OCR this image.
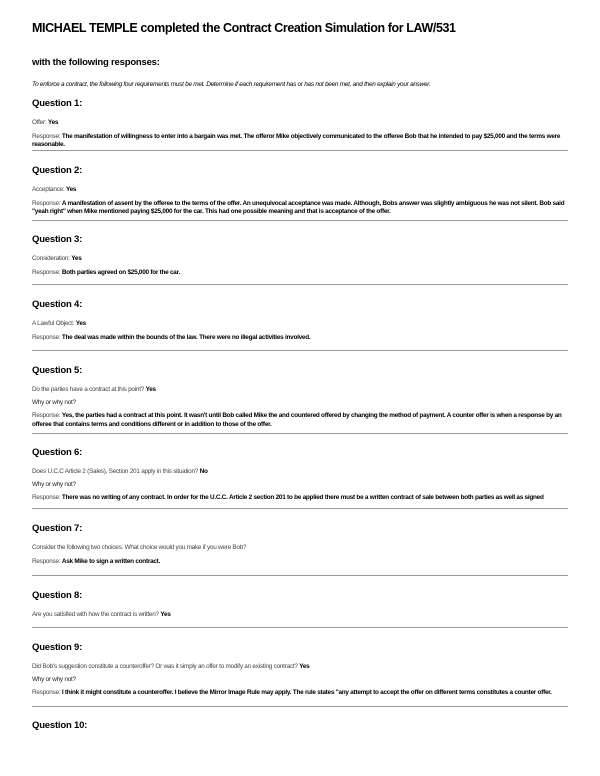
MICHAEL TEMPLE completed the Contract Creation Simulation for LAW/531
with the following responses:
To enforce a contract, the following four requirements must be met. Determine if each requirement has or has not been met, and then explain your answer.
Question 1:
Offer: Yes
Response: The manifestation of willingness to enter into a bargain was met. The offeror Mike objectively communicated to the offeree Bob that he intended to pay $25,000 and the terms were reasonable.
Question 2:
Acceptance: Yes
Response: A manifestation of assent by the offeree to the terms of the offer. An unequivocal acceptance was made. Although, Bobs answer was slightly ambiguous he was not silent. Bob said "yeah right" when Mike mentioned paying $25,000 for the car. This had one possible meaning and that is acceptance of the offer.
Question 3:
Consideration: Yes
Response: Both parties agreed on $25,000 for the car.
Question 4:
A Lawful Object: Yes
Response: The deal was made within the bounds of the law. There were no illegal activities involved.
Question 5:
Do the parties have a contract at this point? Yes
Why or why not?
Response: Yes, the parties had a contract at this point. It wasn't until Bob called Mike the and countered offered by changing the method of payment. A counter offer is when a response by an offeree that contains terms and conditions different or in addition to those of the offer.
Question 6:
Does U.C.C Article 2 (Sales), Section 201 apply in this situation? No
Why or why not?
Response: There was no writing of any contract. In order for the U.C.C. Article 2 section 201 to be applied there must be a written contract of sale between both parties as well as signed
Question 7:
Consider the following two choices. What choice would you make if you were Bob?
Response: Ask Mike to sign a written contract.
Question 8:
Are you satisfied with how the contract is written? Yes
Question 9:
Did Bob's suggestion constitute a counteroffer? Or was it simply an offer to modify an existing contract? Yes
Why or why not?
Response: I think it might constitute a counteroffer. I believe the Mirror Image Rule may apply. The rule states "any attempt to accept the offer on different terms constitutes a counter offer.
Question 10:
